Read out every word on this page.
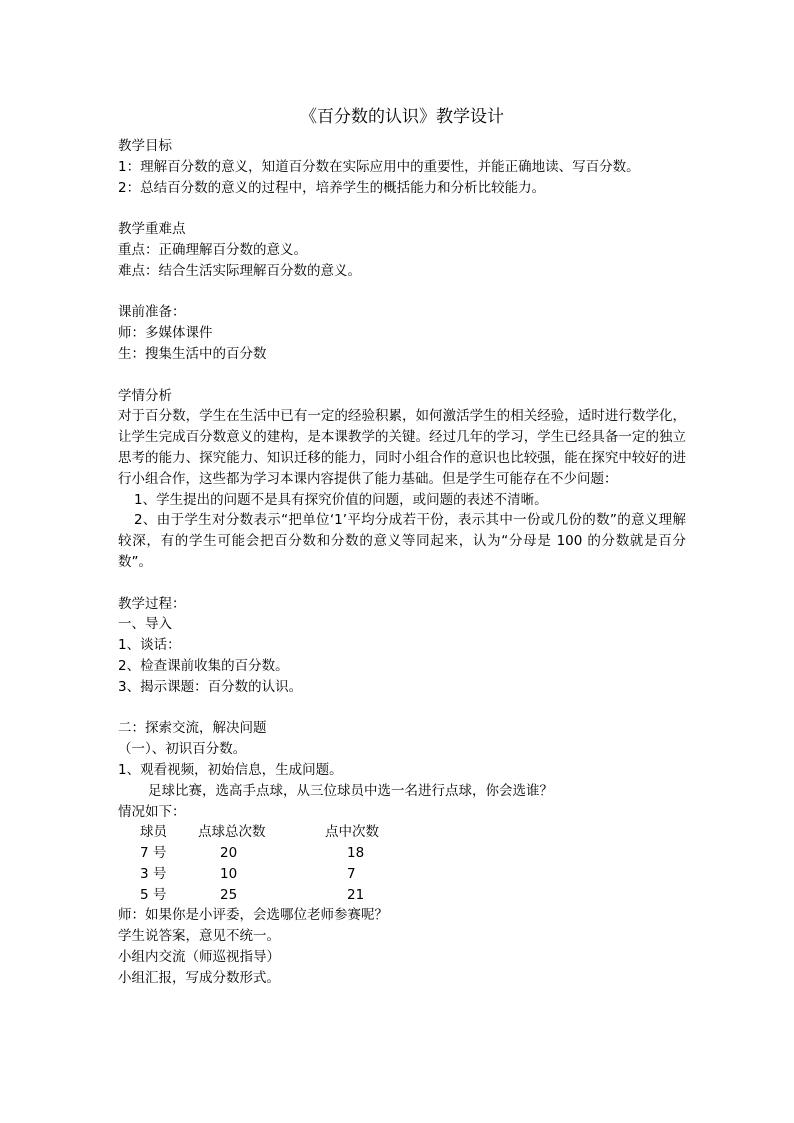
《百分数的认识》教学设计
教学目标
1：理解百分数的意义，知道百分数在实际应用中的重要性，并能正确地读、写百分数。
2：总结百分数的意义的过程中，培养学生的概括能力和分析比较能力。
教学重难点
重点：正确理解百分数的意义。
难点：结合生活实际理解百分数的意义。
课前准备：
师：多媒体课件
生：搜集生活中的百分数
学情分析
对于百分数，学生在生活中已有一定的经验积累，如何激活学生的相关经验，适时进行数学化，让学生完成百分数意义的建构，是本课教学的关键。经过几年的学习，学生已经具备一定的独立思考的能力、探究能力、知识迁移的能力，同时小组合作的意识也比较强，能在探究中较好的进行小组合作，这些都为学习本课内容提供了能力基础。但是学生可能存在不少问题：
1、学生提出的问题不是具有探究价值的问题，或问题的表述不清晰。
2、由于学生对分数表示“把单位‘1’平均分成若干份，表示其中一份或几份的数”的意义理解较深，有的学生可能会把百分数和分数的意义等同起来，认为“分母是 100 的分数就是百分数”。
教学过程：
一、导入
1、谈话：
2、检查课前收集的百分数。
3、揭示课题：百分数的认识。
二：探索交流，解决问题
（一）、初识百分数。
1、观看视频，初始信息，生成问题。
足球比赛，选高手点球，从三位球员中选一名进行点球，你会选谁？
情况如下：
球员	点球总次数	点中次数
7 号	20	18
3 号	10	7
5 号	25	21
师：如果你是小评委，会选哪位老师参赛呢？
学生说答案，意见不统一。
小组内交流（师巡视指导）
小组汇报，写成分数形式。
